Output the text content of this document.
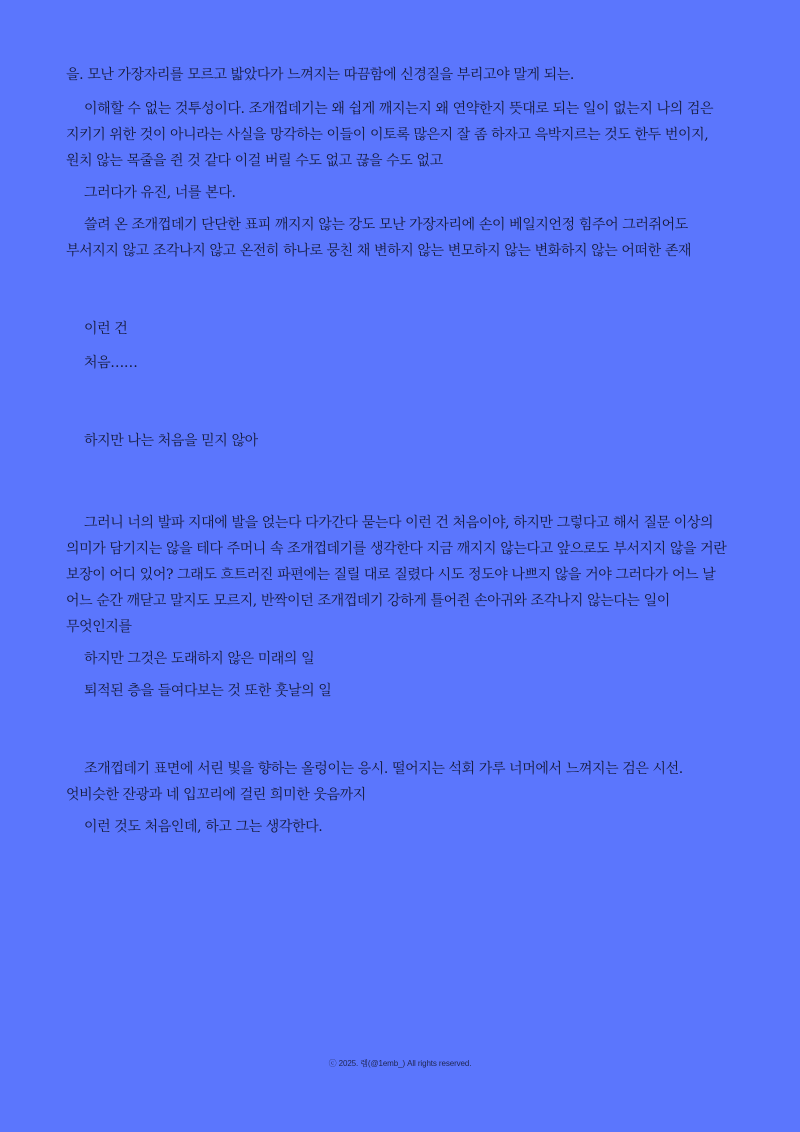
을. 모난 가장자리를 모르고 밟았다가 느껴지는 따끔함에 신경질을 부리고야 말게 되는.

이해할 수 없는 것투성이다. 조개껍데기는 왜 쉽게 깨지는지 왜 연약한지 뜻대로 되는 일이 없는지 나의 검은 지키기 위한 것이 아니라는 사실을 망각하는 이들이 이토록 많은지 잘 좀 하자고 윽박지르는 것도 한두 번이지, 원치 않는 목줄을 쥔 것 같다 이걸 버릴 수도 없고 끊을 수도 없고

그러다가 유진, 너를 본다.

쓸려 온 조개껍데기 단단한 표피 깨지지 않는 강도 모난 가장자리에 손이 베일지언정 힘주어 그러쥐어도 부서지지 않고 조각나지 않고 온전히 하나로 뭉친 채 변하지 않는 변모하지 않는 변화하지 않는 어떠한 존재

이런 건

처음……

하지만 나는 처음을 믿지 않아

그러니 너의 발파 지대에 발을 얹는다 다가간다 묻는다 이런 건 처음이야, 하지만 그렇다고 해서 질문 이상의 의미가 담기지는 않을 테다 주머니 속 조개껍데기를 생각한다 지금 깨지지 않는다고 앞으로도 부서지지 않을 거란 보장이 어디 있어? 그래도 흐트러진 파편에는 질릴 대로 질렸다 시도 정도야 나쁘지 않을 거야 그러다가 어느 날 어느 순간 깨닫고 말지도 모르지, 반짝이던 조개껍데기 강하게 틀어쥔 손아귀와 조각나지 않는다는 일이 무엇인지를

하지만 그것은 도래하지 않은 미래의 일

퇴적된 층을 들여다보는 것 또한 훗날의 일

조개껍데기 표면에 서린 빛을 향하는 올렁이는 응시. 떨어지는 석회 가루 너머에서 느껴지는 검은 시선. 엇비슷한 잔광과 네 입꼬리에 걸린 희미한 웃음까지

이런 것도 처음인데, 하고 그는 생각한다.

ⓒ 2025. 렘(@1emb_) All rights reserved.
